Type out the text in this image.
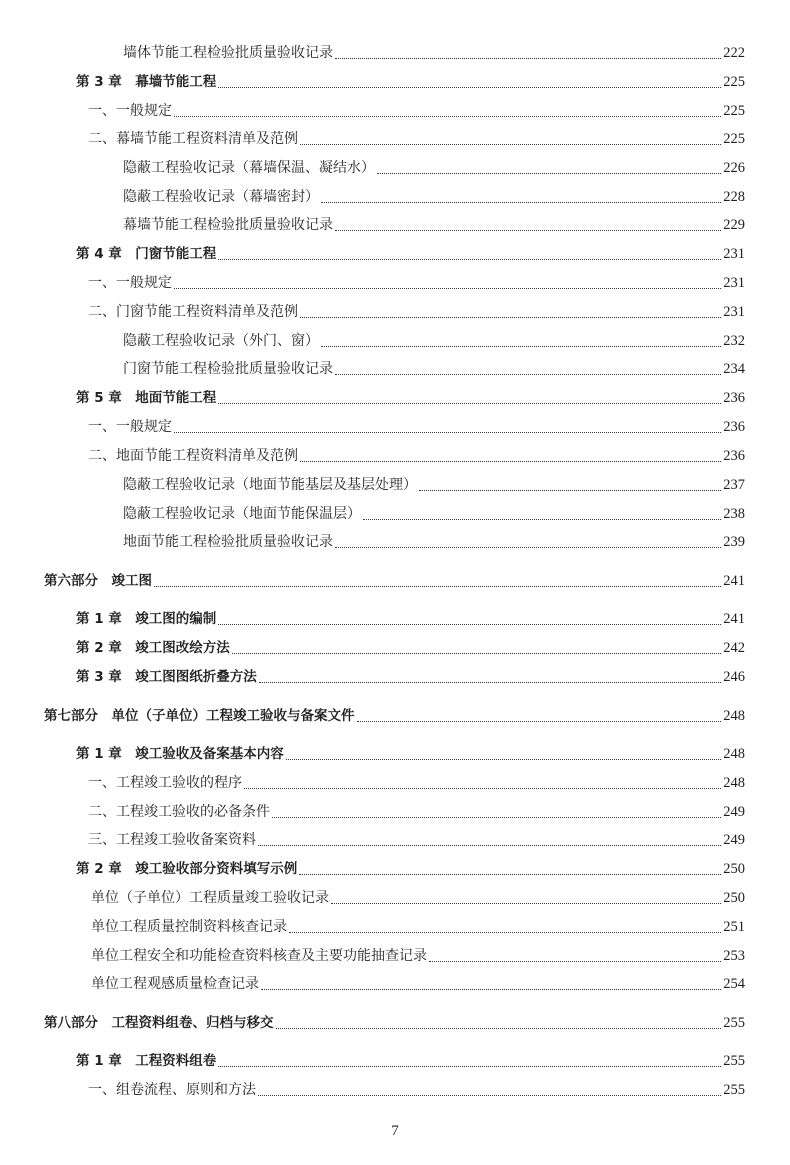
墙体节能工程检验批质量验收记录	222
第 3 章　幕墙节能工程	225
一、一般规定	225
二、幕墙节能工程资料清单及范例	225
隐蔽工程验收记录（幕墙保温、凝结水）	226
隐蔽工程验收记录（幕墙密封）	228
幕墙节能工程检验批质量验收记录	229
第 4 章　门窗节能工程	231
一、一般规定	231
二、门窗节能工程资料清单及范例	231
隐蔽工程验收记录（外门、窗）	232
门窗节能工程检验批质量验收记录	234
第 5 章　地面节能工程	236
一、一般规定	236
二、地面节能工程资料清单及范例	236
隐蔽工程验收记录（地面节能基层及基层处理）	237
隐蔽工程验收记录（地面节能保温层）	238
地面节能工程检验批质量验收记录	239
第六部分　竣工图	241
第 1 章　竣工图的编制	241
第 2 章　竣工图改绘方法	242
第 3 章　竣工图图纸折叠方法	246
第七部分　单位（子单位）工程竣工验收与备案文件	248
第 1 章　竣工验收及备案基本内容	248
一、工程竣工验收的程序	248
二、工程竣工验收的必备条件	249
三、工程竣工验收备案资料	249
第 2 章　竣工验收部分资料填写示例	250
单位（子单位）工程质量竣工验收记录	250
单位工程质量控制资料核查记录	251
单位工程安全和功能检查资料核查及主要功能抽查记录	253
单位工程观感质量检查记录	254
第八部分　工程资料组卷、归档与移交	255
第 1 章　工程资料组卷	255
一、组卷流程、原则和方法	255
7
